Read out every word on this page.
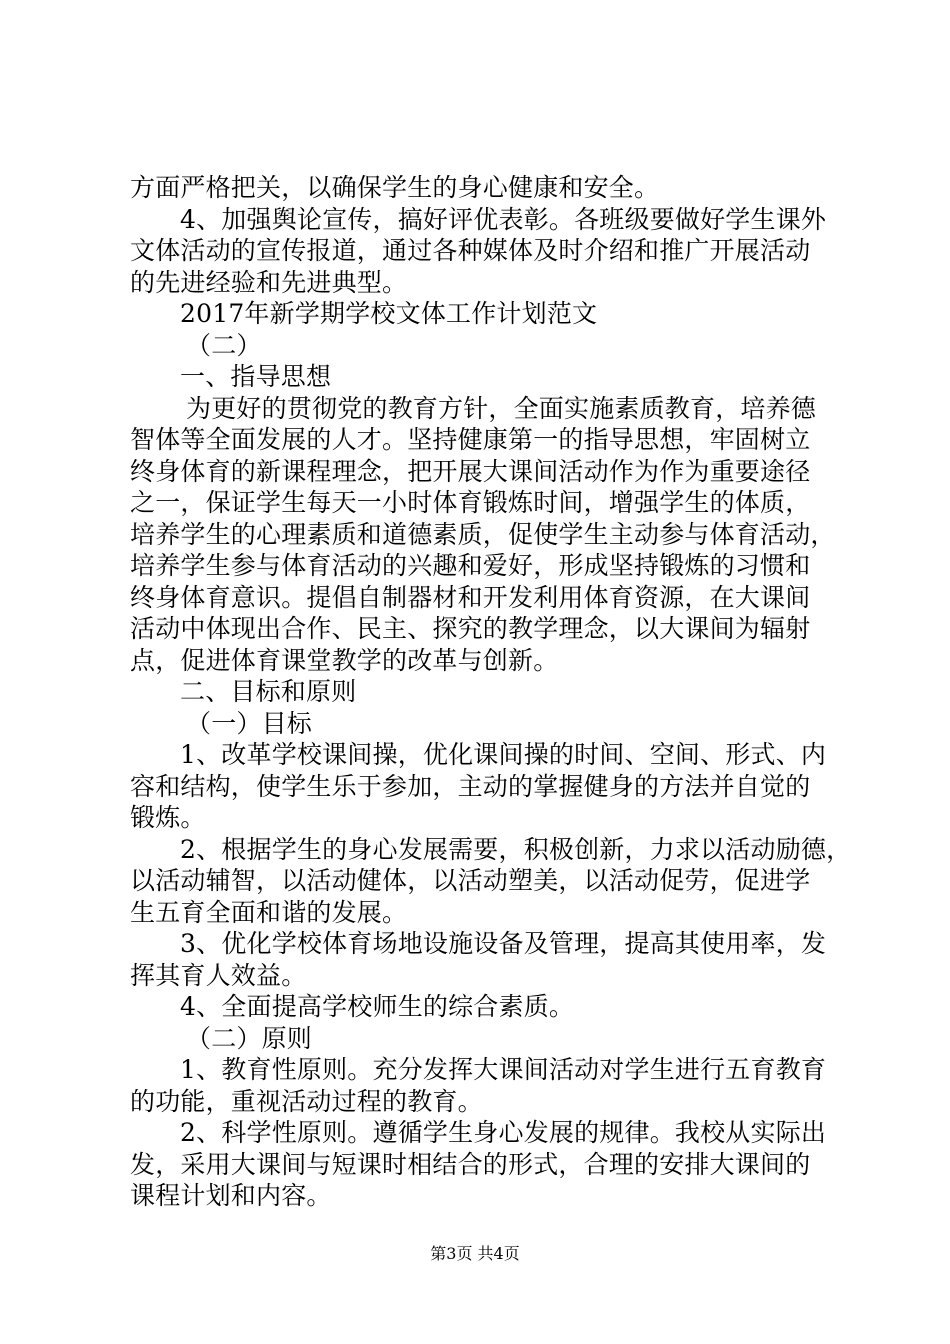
方面严格把关，以确保学生的身心健康和安全。
4、加强舆论宣传，搞好评优表彰。各班级要做好学生课外
文体活动的宣传报道，通过各种媒体及时介绍和推广开展活动
的先进经验和先进典型。
2017年新学期学校文体工作计划范文
（二）
一、指导思想
为更好的贯彻党的教育方针，全面实施素质教育，培养德
智体等全面发展的人才。坚持健康第一的指导思想，牢固树立
终身体育的新课程理念，把开展大课间活动作为作为重要途径
之一，保证学生每天一小时体育锻炼时间，增强学生的体质，
培养学生的心理素质和道德素质，促使学生主动参与体育活动，
培养学生参与体育活动的兴趣和爱好，形成坚持锻炼的习惯和
终身体育意识。提倡自制器材和开发利用体育资源，在大课间
活动中体现出合作、民主、探究的教学理念，以大课间为辐射
点，促进体育课堂教学的改革与创新。
二、目标和原则
（一）目标
1、改革学校课间操，优化课间操的时间、空间、形式、内
容和结构，使学生乐于参加，主动的掌握健身的方法并自觉的
锻炼。
2、根据学生的身心发展需要，积极创新，力求以活动励德，
以活动辅智，以活动健体，以活动塑美，以活动促劳，促进学
生五育全面和谐的发展。
3、优化学校体育场地设施设备及管理，提高其使用率，发
挥其育人效益。
4、全面提高学校师生的综合素质。
（二）原则
1、教育性原则。充分发挥大课间活动对学生进行五育教育
的功能，重视活动过程的教育。
2、科学性原则。遵循学生身心发展的规律。我校从实际出
发，采用大课间与短课时相结合的形式，合理的安排大课间的
课程计划和内容。
第3页 共4页
